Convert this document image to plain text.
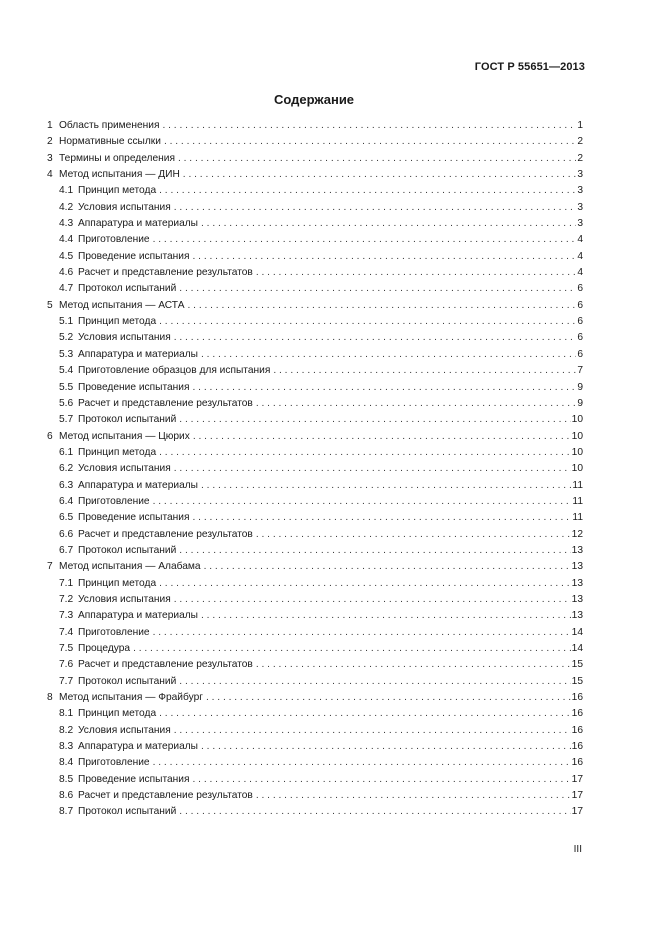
ГОСТ Р 55651—2013
Содержание
1 Область применения . . .	1
2 Нормативные ссылки . . .	2
3 Термины и определения . . .	2
4 Метод испытания — ДИН . . .	3
4.1 Принцип метода . . .	3
4.2 Условия испытания . . .	3
4.3 Аппаратура и материалы . . .	3
4.4 Приготовление . . .	4
4.5 Проведение испытания . . .	4
4.6 Расчет и представление результатов . . .	4
4.7 Протокол испытаний . . .	6
5 Метод испытания — АСТА . . .	6
5.1 Принцип метода . . .	6
5.2 Условия испытания . . .	6
5.3 Аппаратура и материалы . . .	6
5.4 Приготовление образцов для испытания . . .	7
5.5 Проведение испытания . . .	9
5.6 Расчет и представление результатов . . .	9
5.7 Протокол испытаний . . .	10
6 Метод испытания — Цюрих . . .	10
6.1 Принцип метода . . .	10
6.2 Условия испытания . . .	10
6.3 Аппаратура и материалы . . .	11
6.4 Приготовление . . .	11
6.5 Проведение испытания . . .	11
6.6 Расчет и представление результатов . . .	12
6.7 Протокол испытаний . . .	13
7 Метод испытания — Алабама . . .	13
7.1 Принцип метода . . .	13
7.2 Условия испытания . . .	13
7.3 Аппаратура и материалы . . .	13
7.4 Приготовление . . .	14
7.5 Процедура . . .	14
7.6 Расчет и представление результатов . . .	15
7.7 Протокол испытаний . . .	15
8 Метод испытания — Фрайбург . . .	16
8.1 Принцип метода . . .	16
8.2 Условия испытания . . .	16
8.3 Аппаратура и материалы . . .	16
8.4 Приготовление . . .	16
8.5 Проведение испытания . . .	17
8.6 Расчет и представление результатов . . .	17
8.7 Протокол испытаний . . .	17
III
